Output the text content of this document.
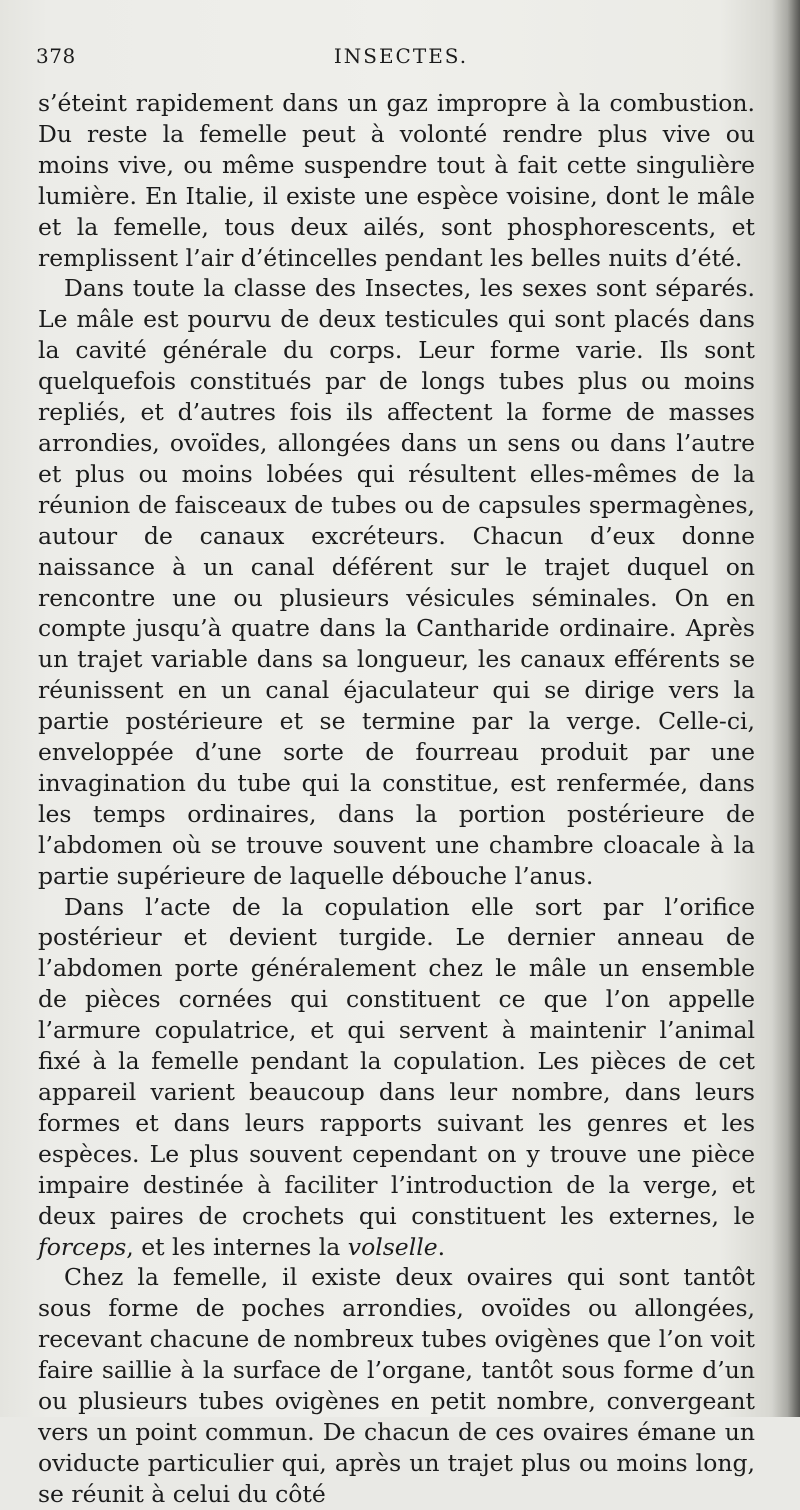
378	INSECTES.

s’éteint rapidement dans un gaz impropre à la combustion. Du reste la femelle peut à volonté rendre plus vive ou moins vive, ou même suspendre tout à fait cette singulière lumière. En Italie, il existe une espèce voisine, dont le mâle et la femelle, tous deux ailés, sont phosphorescents, et remplissent l’air d’étincelles pendant les belles nuits d’été.

Dans toute la classe des Insectes, les sexes sont séparés. Le mâle est pourvu de deux testicules qui sont placés dans la cavité générale du corps. Leur forme varie. Ils sont quelquefois constitués par de longs tubes plus ou moins repliés, et d’autres fois ils affectent la forme de masses arrondies, ovoïdes, allongées dans un sens ou dans l’autre et plus ou moins lobées qui résultent elles-mêmes de la réunion de faisceaux de tubes ou de capsules spermagènes, autour de canaux excréteurs. Chacun d’eux donne naissance à un canal déférent sur le trajet duquel on rencontre une ou plusieurs vésicules séminales. On en compte jusqu’à quatre dans la Cantharide ordinaire. Après un trajet variable dans sa longueur, les canaux efférents se réunissent en un canal éjaculateur qui se dirige vers la partie postérieure et se termine par la verge. Celle-ci, enveloppée d’une sorte de fourreau produit par une invagination du tube qui la constitue, est renfermée, dans les temps ordinaires, dans la portion postérieure de l’abdomen où se trouve souvent une chambre cloacale à la partie supérieure de laquelle débouche l’anus.

Dans l’acte de la copulation elle sort par l’orifice postérieur et devient turgide. Le dernier anneau de l’abdomen porte généralement chez le mâle un ensemble de pièces cornées qui constituent ce que l’on appelle l’armure copulatrice, et qui servent à maintenir l’animal fixé à la femelle pendant la copulation. Les pièces de cet appareil varient beaucoup dans leur nombre, dans leurs formes et dans leurs rapports suivant les genres et les espèces. Le plus souvent cependant on y trouve une pièce impaire destinée à faciliter l’introduction de la verge, et deux paires de crochets qui constituent les externes, le forceps, et les internes la volselle.

Chez la femelle, il existe deux ovaires qui sont tantôt sous forme de poches arrondies, ovoïdes ou allongées, recevant chacune de nombreux tubes ovigènes que l’on voit faire saillie à la surface de l’organe, tantôt sous forme d’un ou plusieurs tubes ovigènes en petit nombre, convergeant vers un point commun. De chacun de ces ovaires émane un oviducte particulier qui, après un trajet plus ou moins long, se réunit à celui du côté
